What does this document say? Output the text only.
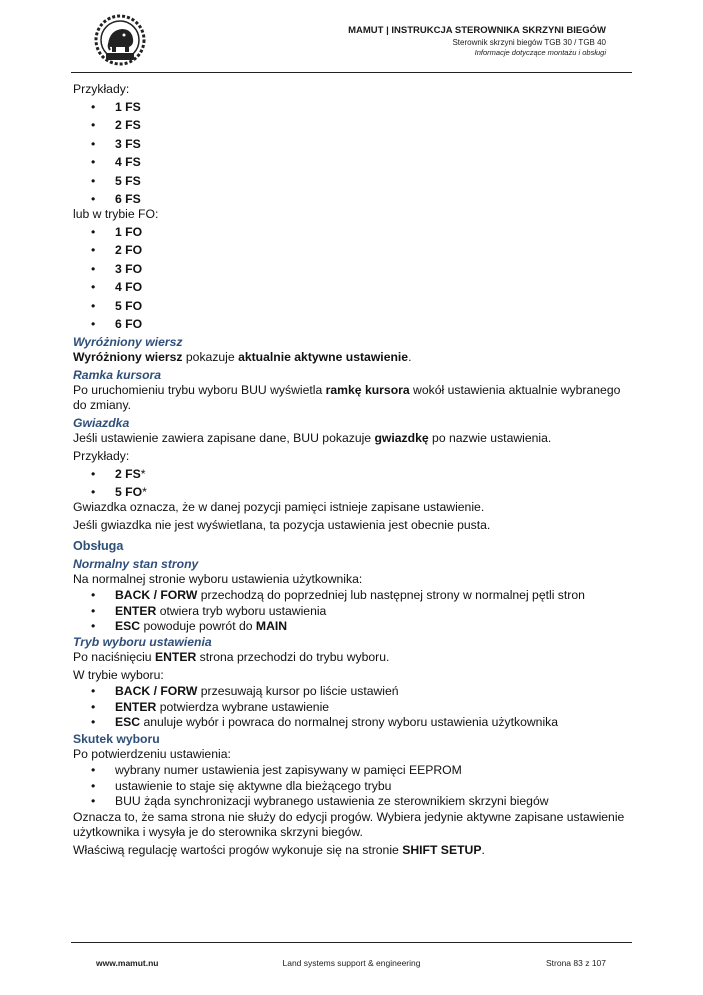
MAMUT | INSTRUKCJA STEROWNIKA SKRZYNI BIEGÓW
Sterownik skrzyni biegów TGB 30 / TGB 40
Informacje dotyczące montażu i obsługi
Przykłady:
• 1 FS
• 2 FS
• 3 FS
• 4 FS
• 5 FS
• 6 FS
lub w trybie FO:
• 1 FO
• 2 FO
• 3 FO
• 4 FO
• 5 FO
• 6 FO
Wyróżniony wiersz
Wyróżniony wiersz pokazuje aktualnie aktywne ustawienie.
Ramka kursora
Po uruchomieniu trybu wyboru BUU wyświetla ramkę kursora wokół ustawienia aktualnie wybranego do zmiany.
Gwiazdka
Jeśli ustawienie zawiera zapisane dane, BUU pokazuje gwiazdkę po nazwie ustawienia.
Przykłady:
• 2 FS*
• 5 FO*
Gwiazdka oznacza, że w danej pozycji pamięci istnieje zapisane ustawienie.
Jeśli gwiazdka nie jest wyświetlana, ta pozycja ustawienia jest obecnie pusta.
Obsługa
Normalny stan strony
Na normalnej stronie wyboru ustawienia użytkownika:
• BACK / FORW przechodzą do poprzedniej lub następnej strony w normalnej pętli stron
• ENTER otwiera tryb wyboru ustawienia
• ESC powoduje powrót do MAIN
Tryb wyboru ustawienia
Po naciśnięciu ENTER strona przechodzi do trybu wyboru.
W trybie wyboru:
• BACK / FORW przesuwają kursor po liście ustawień
• ENTER potwierdza wybrane ustawienie
• ESC anuluje wybór i powraca do normalnej strony wyboru ustawienia użytkownika
Skutek wyboru
Po potwierdzeniu ustawienia:
• wybrany numer ustawienia jest zapisywany w pamięci EEPROM
• ustawienie to staje się aktywne dla bieżącego trybu
• BUU żąda synchronizacji wybranego ustawienia ze sterownikiem skrzyni biegów
Oznacza to, że sama strona nie służy do edycji progów. Wybiera jedynie aktywne zapisane ustawienie użytkownika i wysyła je do sterownika skrzyni biegów.
Właściwą regulację wartości progów wykonuje się na stronie SHIFT SETUP.
www.mamut.nu	Land systems support & engineering	Strona 83 z 107
